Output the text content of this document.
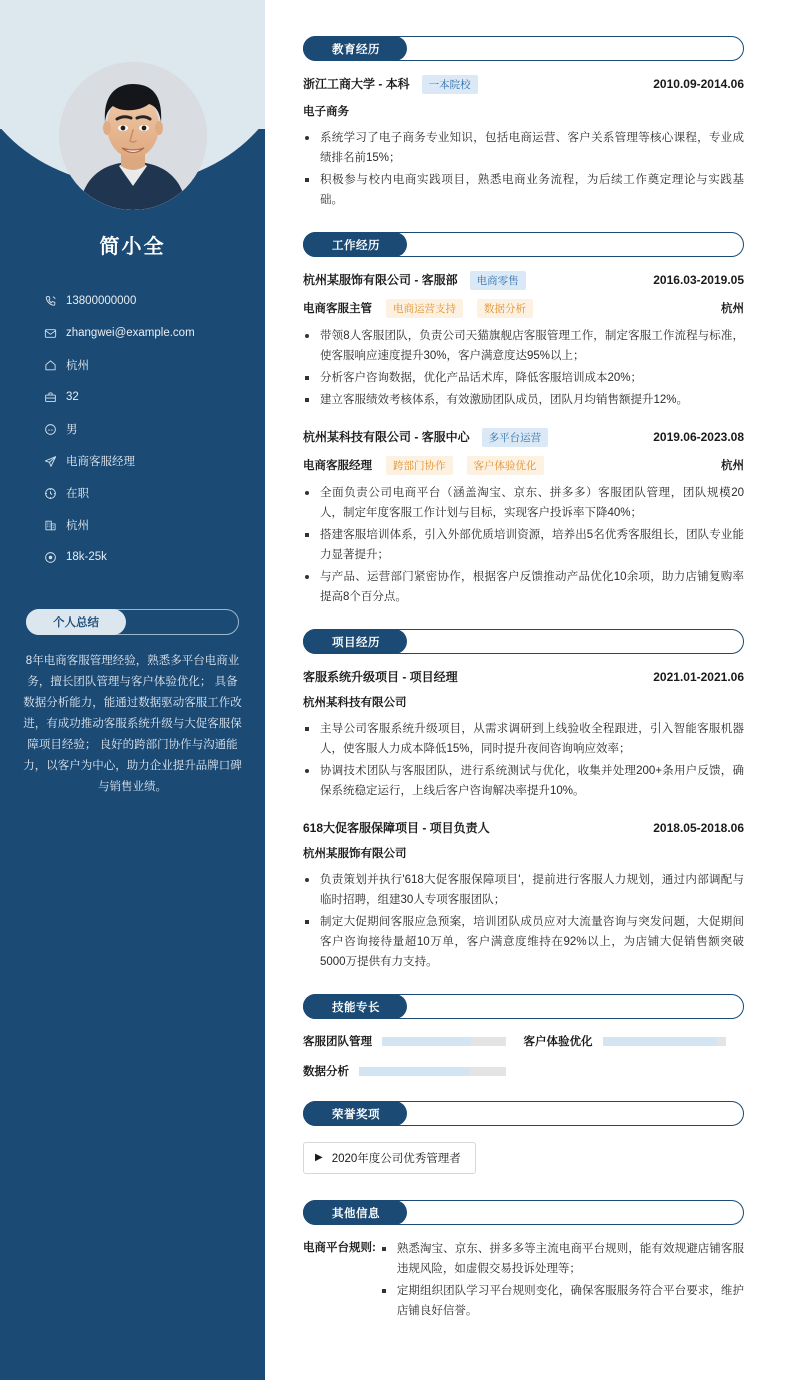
简小全
13800000000
zhangwei@example.com
杭州
32
男
电商客服经理
在职
杭州
18k-25k
个人总结
8年电商客服管理经验，熟悉多平台电商业务，擅长团队管理与客户体验优化； 具备数据分析能力，能通过数据驱动客服工作改进，有成功推动客服系统升级与大促客服保障项目经验； 良好的跨部门协作与沟通能力，以客户为中心，助力企业提升品牌口碑与销售业绩。
教育经历
浙江工商大学 - 本科	一本院校	2010.09-2014.06
电子商务
系统学习了电子商务专业知识，包括电商运营、客户关系管理等核心课程，专业成绩排名前15%；
积极参与校内电商实践项目，熟悉电商业务流程，为后续工作奠定理论与实践基础。
工作经历
杭州某服饰有限公司 - 客服部	电商零售	2016.03-2019.05
电商客服主管	电商运营支持	数据分析	杭州
带领8人客服团队，负责公司天猫旗舰店客服管理工作，制定客服工作流程与标准，使客服响应速度提升30%，客户满意度达95%以上；
分析客户咨询数据，优化产品话术库，降低客服培训成本20%；
建立客服绩效考核体系，有效激励团队成员，团队月均销售额提升12%。
杭州某科技有限公司 - 客服中心	多平台运营	2019.06-2023.08
电商客服经理	跨部门协作	客户体验优化	杭州
全面负责公司电商平台（涵盖淘宝、京东、拼多多）客服团队管理，团队规模20人，制定年度客服工作计划与目标，实现客户投诉率下降40%；
搭建客服培训体系，引入外部优质培训资源，培养出5名优秀客服组长，团队专业能力显著提升；
与产品、运营部门紧密协作，根据客户反馈推动产品优化10余项，助力店铺复购率提高8个百分点。
项目经历
客服系统升级项目 - 项目经理	2021.01-2021.06
杭州某科技有限公司
主导公司客服系统升级项目，从需求调研到上线验收全程跟进，引入智能客服机器人，使客服人力成本降低15%，同时提升夜间咨询响应效率；
协调技术团队与客服团队，进行系统测试与优化，收集并处理200+条用户反馈，确保系统稳定运行，上线后客户咨询解决率提升10%。
618大促客服保障项目 - 项目负责人	2018.05-2018.06
杭州某服饰有限公司
负责策划并执行'618大促客服保障项目'，提前进行客服人力规划，通过内部调配与临时招聘，组建30人专项客服团队；
制定大促期间客服应急预案，培训团队成员应对大流量咨询与突发问题，大促期间客户咨询接待量超10万单，客户满意度维持在92%以上，为店铺大促销售额突破5000万提供有力支持。
技能专长
客服团队管理	客户体验优化
数据分析
荣誉奖项
▶ 2020年度公司优秀管理者
其他信息
电商平台规则:	熟悉淘宝、京东、拼多多等主流电商平台规则，能有效规避店铺客服违规风险，如虚假交易投诉处理等；
定期组织团队学习平台规则变化，确保客服服务符合平台要求，维护店铺良好信誉。
